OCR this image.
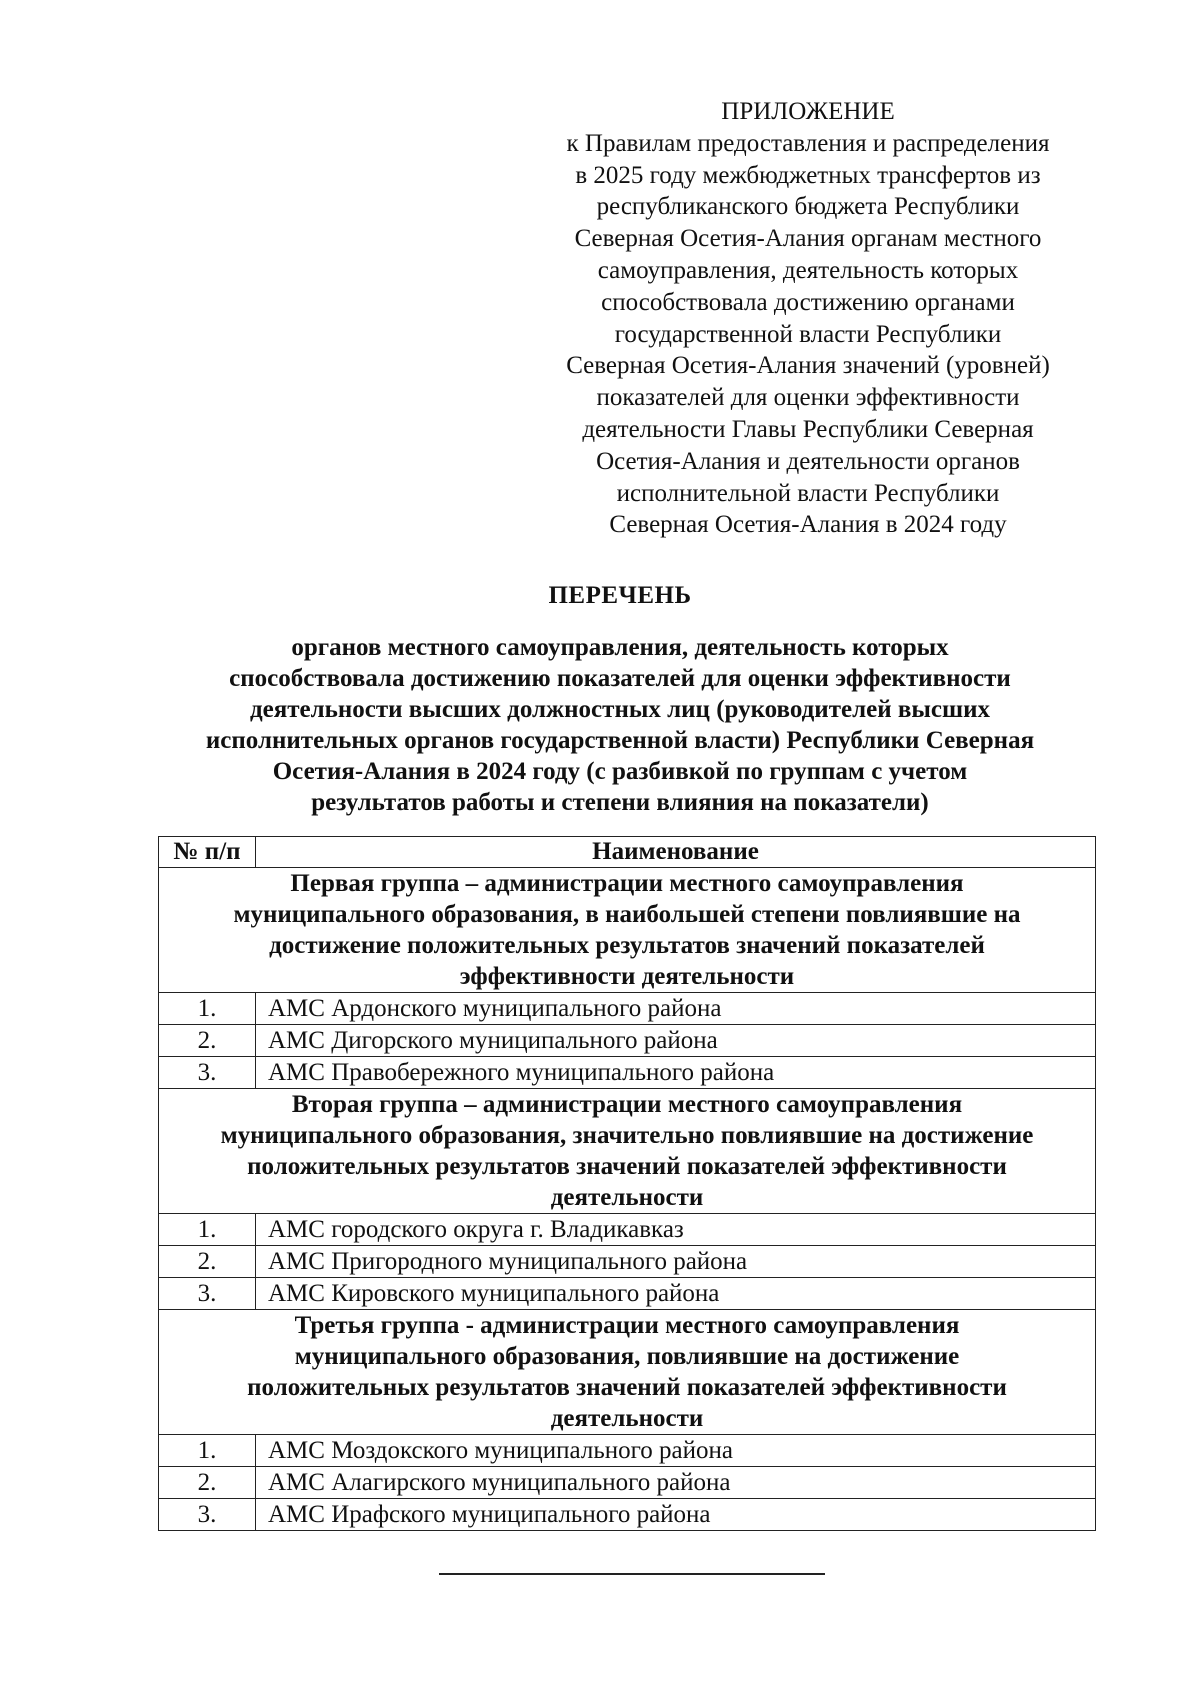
ПРИЛОЖЕНИЕ
к Правилам предоставления и распределения
в 2025 году межбюджетных трансфертов из
республиканского бюджета Республики
Северная Осетия-Алания органам местного
самоуправления, деятельность которых
способствовала достижению органами
государственной власти Республики
Северная Осетия-Алания значений (уровней)
показателей для оценки эффективности
деятельности Главы Республики Северная
Осетия-Алания и деятельности органов
исполнительной власти Республики
Северная Осетия-Алания в 2024 году
ПЕРЕЧЕНЬ
органов местного самоуправления, деятельность которых
способствовала достижению показателей для оценки эффективности
деятельности высших должностных лиц (руководителей высших
исполнительных органов государственной власти) Республики Северная
Осетия-Алания в 2024 году (с разбивкой по группам с учетом
результатов работы и степени влияния на показатели)
№ п/п	Наименование

Первая группа – администрации местного самоуправления
муниципального образования, в наибольшей степени повлиявшие на
достижение положительных результатов значений показателей
эффективности деятельности	

1.	АМС Ардонского муниципального района
2.	АМС Дигорского муниципального района
3.	АМС Правобережного муниципального района

Вторая группа – администрации местного самоуправления
муниципального образования, значительно повлиявшие на достижение
положительных результатов значений показателей эффективности
деятельности	

1.	АМС городского округа г. Владикавказ
2.	АМС Пригородного муниципального района
3.	АМС Кировского муниципального района

Третья группа - администрации местного самоуправления
муниципального образования, повлиявшие на достижение
положительных результатов значений показателей эффективности
деятельности	

1.	АМС Моздокского муниципального района
2.	АМС Алагирского муниципального района
3.	АМС Ирафского муниципального района
